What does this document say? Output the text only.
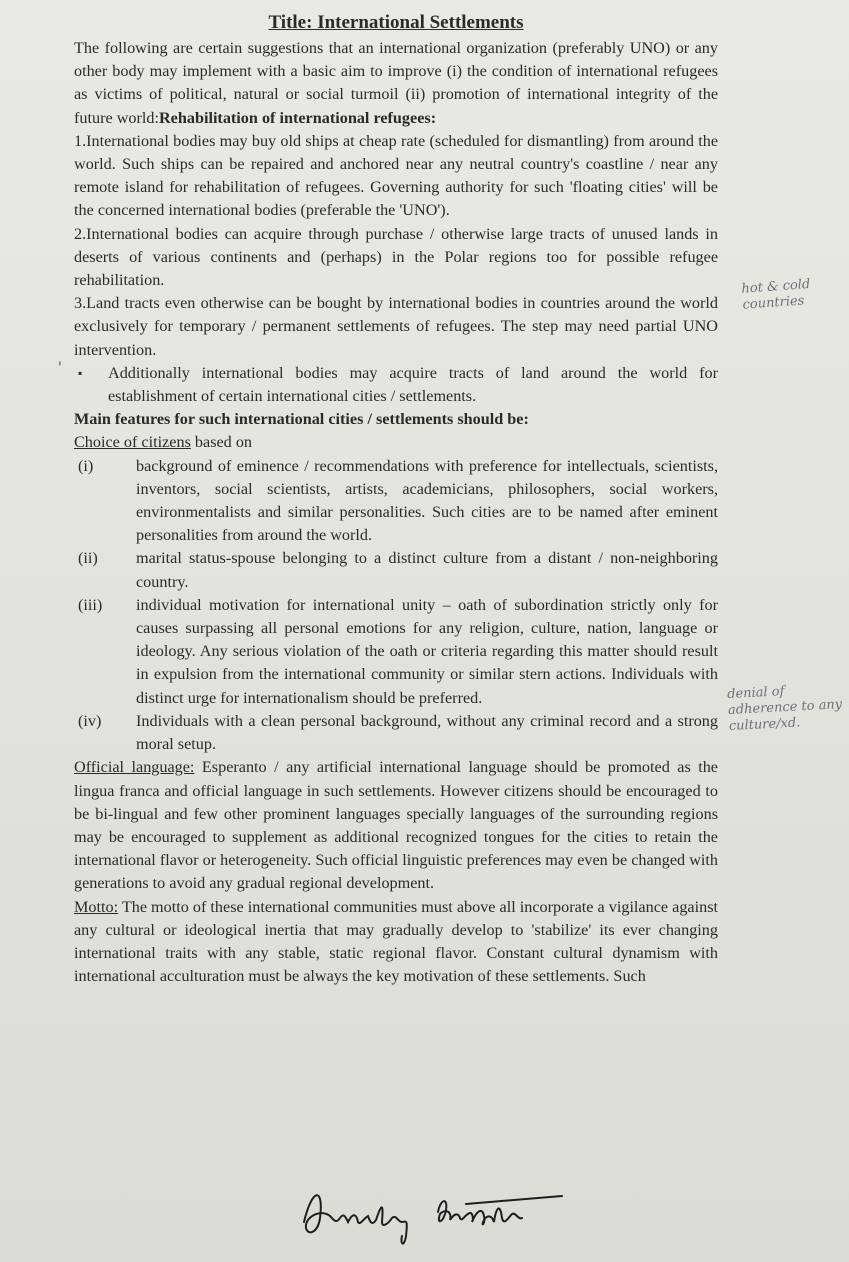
Title: International Settlements

The following are certain suggestions that an international organization (preferably UNO) or any other body may implement with a basic aim to improve (i) the condition of international refugees as victims of political, natural or social turmoil (ii) promotion of international integrity of the future world:Rehabilitation of international refugees:

1.International bodies may buy old ships at cheap rate (scheduled for dismantling) from around the world. Such ships can be repaired and anchored near any neutral country's coastline / near any remote island for rehabilitation of refugees. Governing authority for such 'floating cities' will be the concerned international bodies (preferable the 'UNO').

2.International bodies can acquire through purchase / otherwise large tracts of unused lands in deserts of various continents and (perhaps) in the Polar regions too for possible refugee rehabilitation.

3.Land tracts even otherwise can be bought by international bodies in countries around the world exclusively for temporary / permanent settlements of refugees. The step may need partial UNO intervention.

▪	Additionally international bodies may acquire tracts of land around the world for establishment of certain international cities / settlements.

Main features for such international cities / settlements should be:

Choice of citizens based on

(i)	background of eminence / recommendations with preference for intellectuals, scientists, inventors, social scientists, artists, academicians, philosophers, social workers, environmentalists and similar personalities. Such cities are to be named after eminent personalities from around the world.
(ii)	marital status-spouse belonging to a distinct culture from a distant / non-neighboring country.
(iii)	individual motivation for international unity – oath of subordination strictly only for causes surpassing all personal emotions for any religion, culture, nation, language or ideology. Any serious violation of the oath or criteria regarding this matter should result in expulsion from the international community or similar stern actions. Individuals with distinct urge for internationalism should be preferred.
(iv)	Individuals with a clean personal background, without any criminal record and a strong moral setup.

Official language: Esperanto / any artificial international language should be promoted as the lingua franca and official language in such settlements. However citizens should be encouraged to be bi-lingual and few other prominent languages specially languages of the surrounding regions may be encouraged to supplement as additional recognized tongues for the cities to retain the international flavor or heterogeneity. Such official linguistic preferences may even be changed with generations to avoid any gradual regional development.

Motto: The motto of these international communities must above all incorporate a vigilance against any cultural or ideological inertia that may gradually develop to 'stabilize' its ever changing international traits with any stable, static regional flavor. Constant cultural dynamism with international acculturation must be always the key motivation of these settlements. Such

'
hot & cold countries
denial of adherence to any culture/xd.
